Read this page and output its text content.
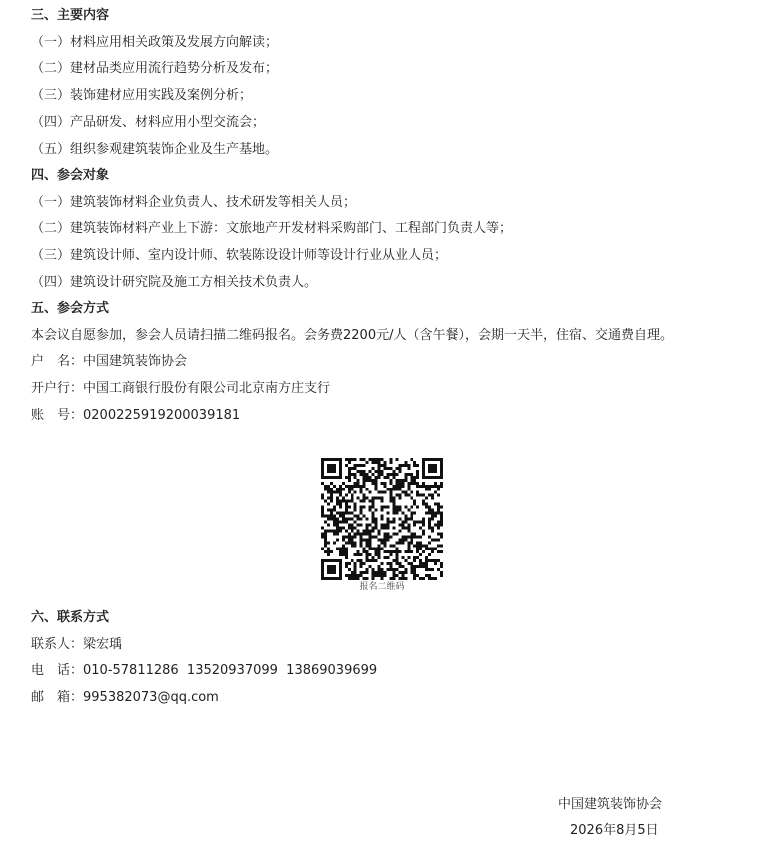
三、主要内容
（一）材料应用相关政策及发展方向解读；
（二）建材品类应用流行趋势分析及发布；
（三）装饰建材应用实践及案例分析；
（四）产品研发、材料应用小型交流会；
（五）组织参观建筑装饰企业及生产基地。
四、参会对象
（一）建筑装饰材料企业负责人、技术研发等相关人员；
（二）建筑装饰材料产业上下游：文旅地产开发材料采购部门、工程部门负责人等；
（三）建筑设计师、室内设计师、软装陈设设计师等设计行业从业人员；
（四）建筑设计研究院及施工方相关技术负责人。
五、参会方式
本会议自愿参加，参会人员请扫描二维码报名。会务费2200元/人（含午餐），会期一天半，住宿、交通费自理。
户　名：中国建筑装饰协会
开户行：中国工商银行股份有限公司北京南方庄支行
账　号：0200225919200039181
报名二维码
六、联系方式
联系人：梁宏瑀
电　话：010-57811286  13520937099  13869039699
邮　箱：995382073@qq.com
中国建筑装饰协会
2026年8月5日
